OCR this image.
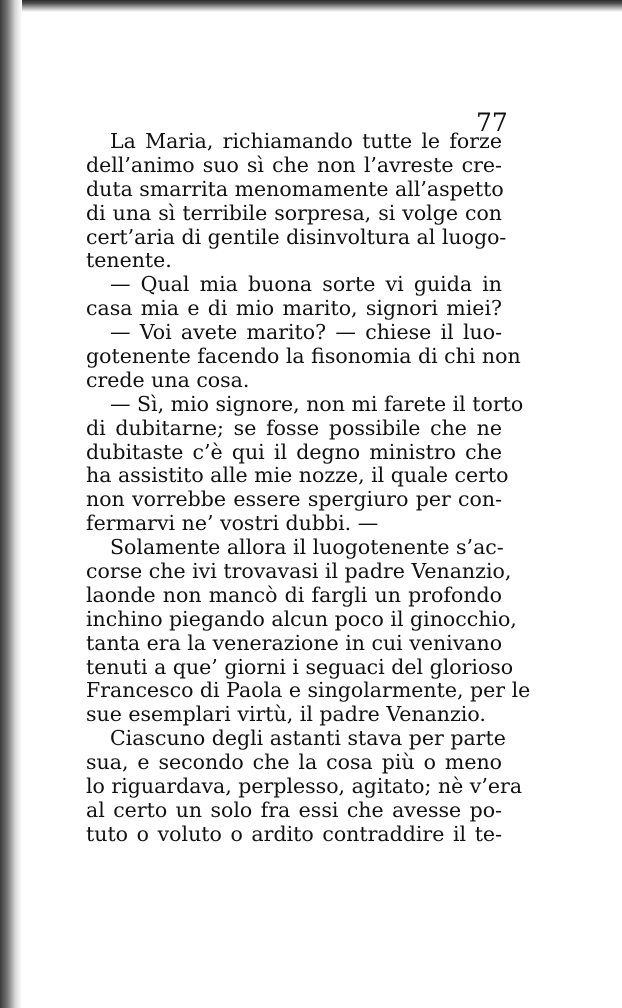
77
La Maria, richiamando tutte le forze
dell’animo suo sì che non l’avreste cre-
duta smarrita menomamente all’aspetto
di una sì terribile sorpresa, si volge con
cert’aria di gentile disinvoltura al luogo-
tenente.
— Qual mia buona sorte vi guida in
casa mia e di mio marito, signori miei?
— Voi avete marito? — chiese il luo-
gotenente facendo la fisonomia di chi non
crede una cosa.
— Sì, mio signore, non mi farete il torto
di dubitarne; se fosse possibile che ne
dubitaste c’è qui il degno ministro che
ha assistito alle mie nozze, il quale certo
non vorrebbe essere spergiuro per con-
fermarvi ne’ vostri dubbi. —
Solamente allora il luogotenente s’ac-
corse che ivi trovavasi il padre Venanzio,
laonde non mancò di fargli un profondo
inchino piegando alcun poco il ginocchio,
tanta era la venerazione in cui venivano
tenuti a que’ giorni i seguaci del glorioso
Francesco di Paola e singolarmente, per le
sue esemplari virtù, il padre Venanzio.
Ciascuno degli astanti stava per parte
sua, e secondo che la cosa più o meno
lo riguardava, perplesso, agitato; nè v’era
al certo un solo fra essi che avesse po-
tuto o voluto o ardito contraddire il te-
